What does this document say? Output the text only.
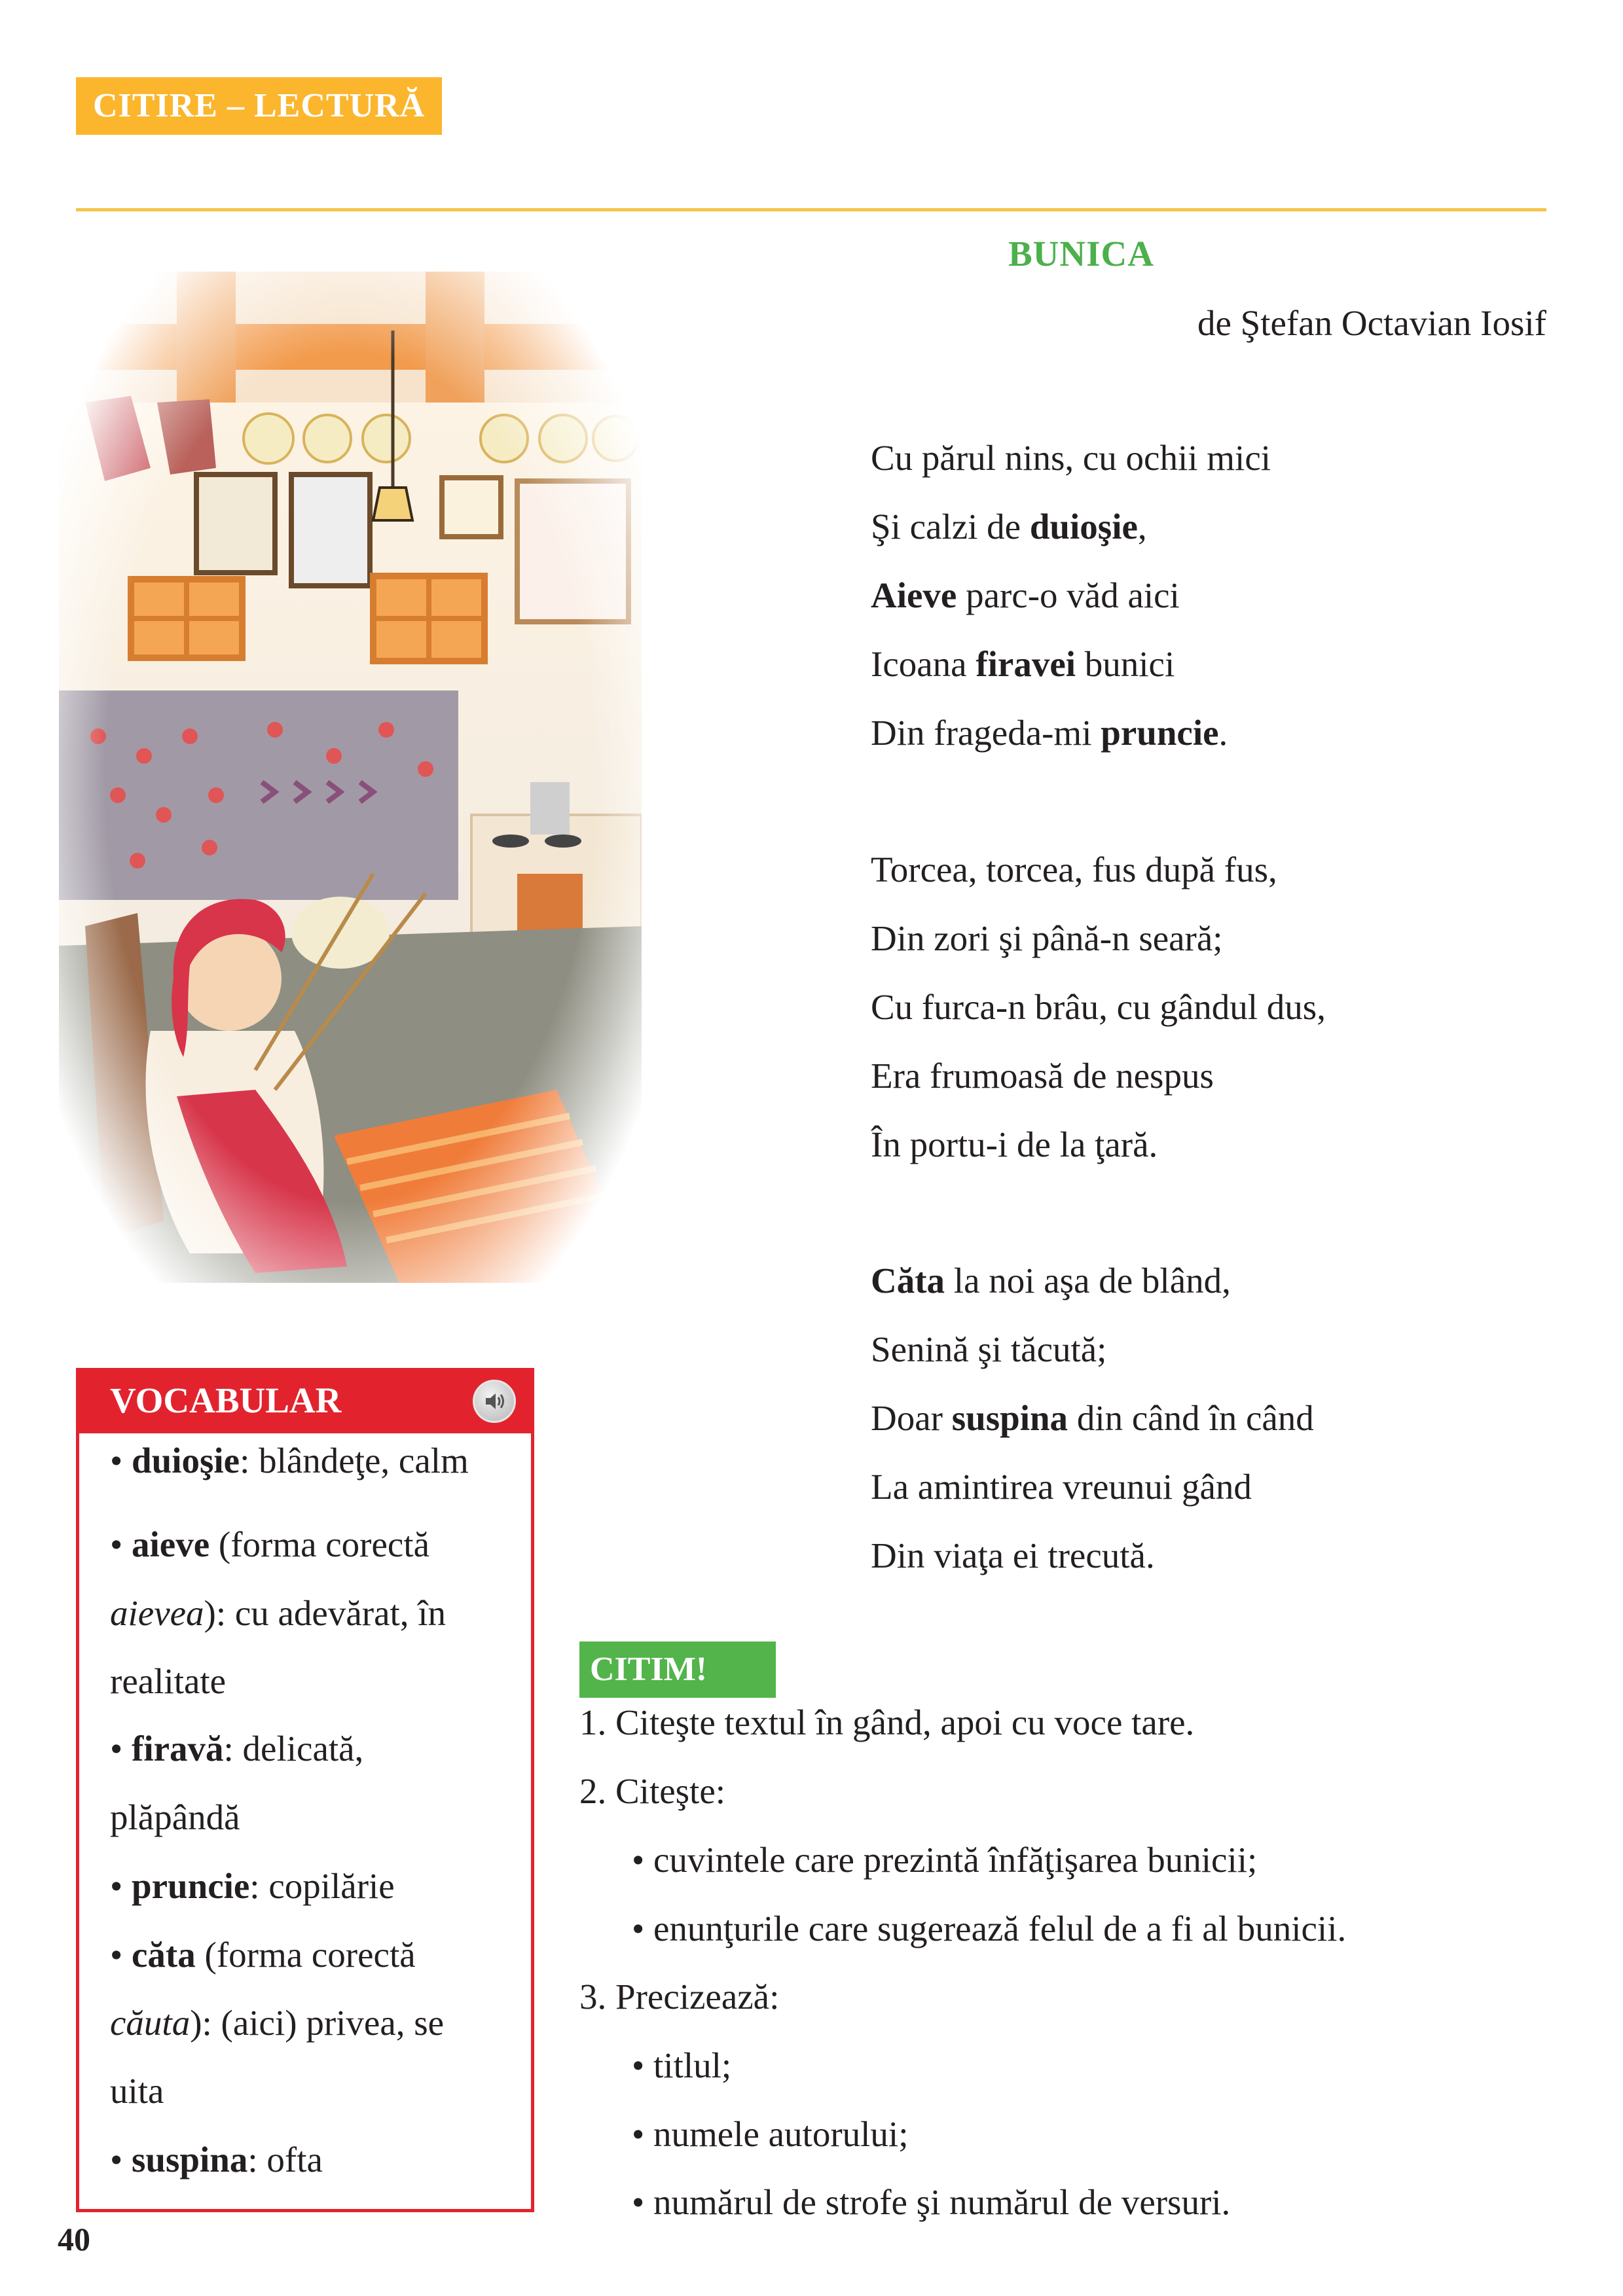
CITIRE – LECTURĂ
BUNICA
de Ştefan Octavian Iosif
Cu părul nins, cu ochii mici
Şi calzi de duioşie,
Aieve parc-o văd aici
Icoana firavei bunici
Din frageda-mi pruncie.
Torcea, torcea, fus după fus,
Din zori şi până-n seară;
Cu furca-n brâu, cu gândul dus,
Era frumoasă de nespus
În portu-i de la ţară.
Căta la noi aşa de blând,
Senină şi tăcută;
Doar suspina din când în când
La amintirea vreunui gând
Din viaţa ei trecută.
VOCABULAR
• duioşie: blândeţe, calm
• aieve (forma corectă
aievea): cu adevărat, în
realitate
• firavă: delicată,
plăpândă
• pruncie: copilărie
• căta (forma corectă
căuta): (aici) privea, se
uita
• suspina: ofta
CITIM!
1. Citeşte textul în gând, apoi cu voce tare.
2. Citeşte:
• cuvintele care prezintă înfăţişarea bunicii;
• enunţurile care sugerează felul de a fi al bunicii.
3. Precizează:
• titlul;
• numele autorului;
• numărul de strofe şi numărul de versuri.
40
